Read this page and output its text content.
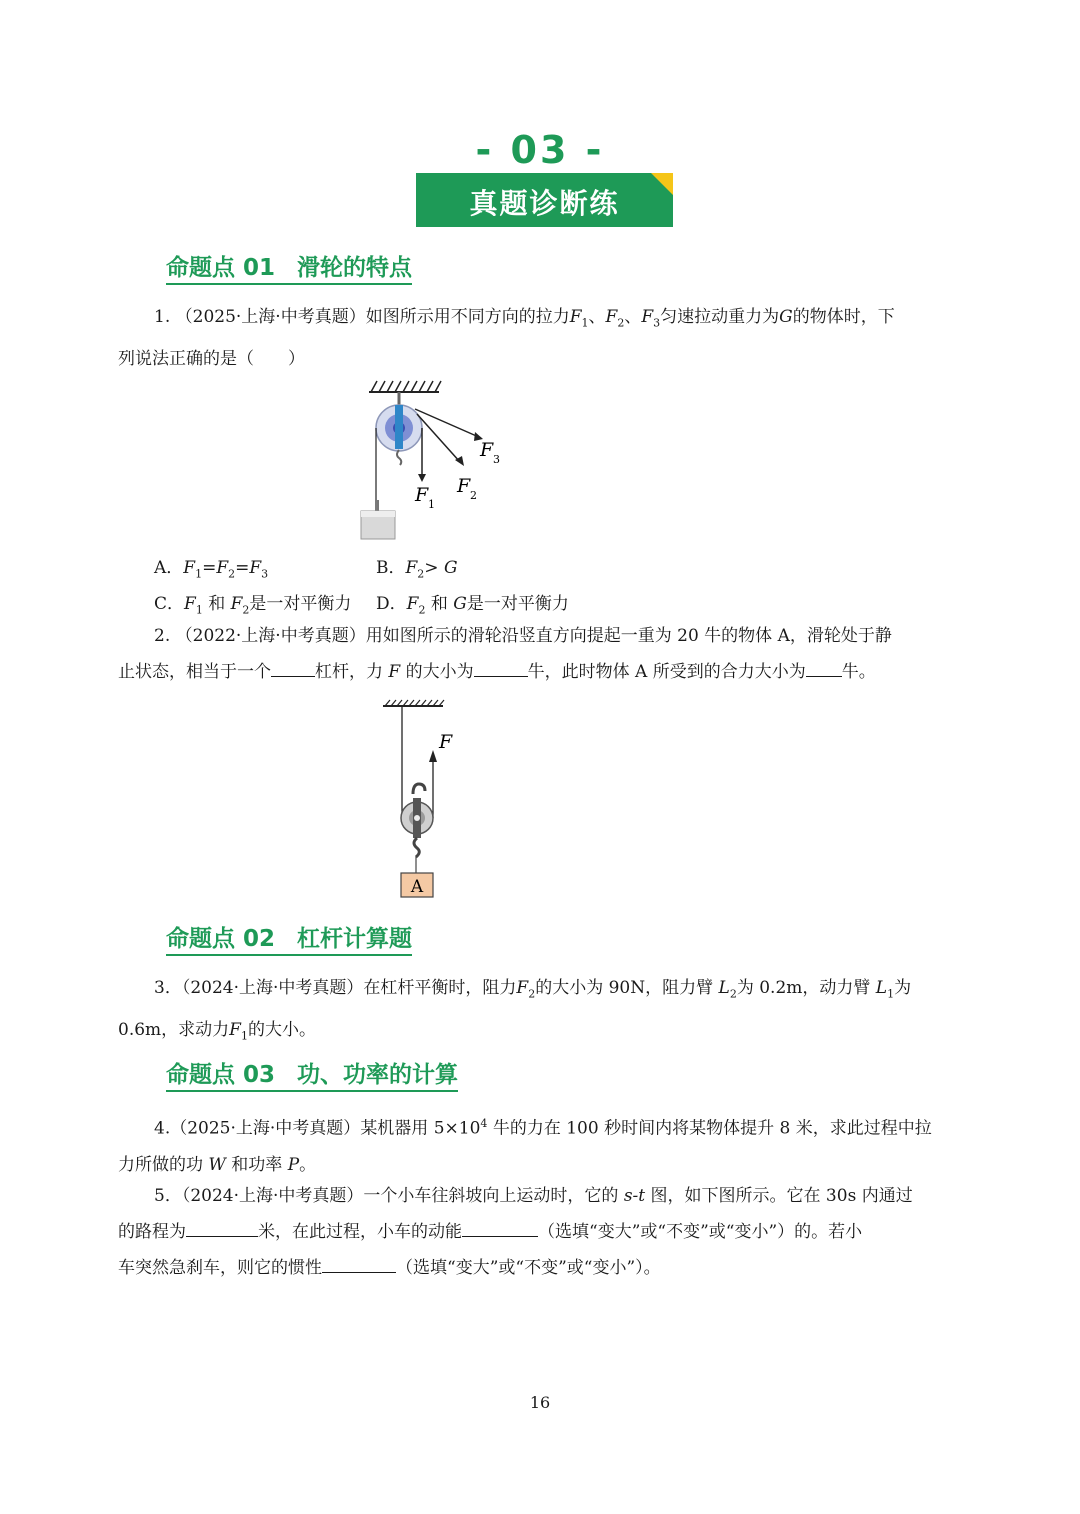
- 03 -
真题诊断练
命题点 01 滑轮的特点

1. （2025·上海·中考真题）如图所示用不同方向的拉力$F_1$、$F_2$、$F_3$匀速拉动重力为G的物体时，下

列说法正确的是（　　）

F 3
F 2
F 1
A．$F_1=F_2=F_3$	B．$F_2> G$
C．$F_1$ 和 $F_2$是一对平衡力 D．$F_2$ 和 G是一对平衡力

2. （2022·上海·中考真题）用如图所示的滑轮沿竖直方向提起一重为 20 牛的物体 A，滑轮处于静

止状态，相当于一个	杠杆，力 F 的大小为	牛，此时物体 A 所受到的合力大小为 牛。

F
A
命题点 02 杠杆计算题

3．（2024·上海·中考真题）在杠杆平衡时，阻力$F_2$的大小为 90N，阻力臂 $L_2$为 0.2m，动力臂 $L_1$为

0.6m，求动力$F_1$的大小。

命题点 03 功、功率的计算

4.（2025·上海·中考真题）某机器用 $5\times 10^4$ 牛的力在 100 秒时间内将某物体提升 8 米，求此过程中拉

力所做的功 W 和功率 P。

5．（2024·上海·中考真题）一个小车往斜坡向上运动时，它的 s-t 图，如下图所示。它在 30s 内通过

的路程为	米，在此过程，小车的动能	（选填“变大”或“不变”或“变小”）的。若小

车突然急刹车，则它的惯性	（选填“变大”或“不变”或“变小”）。

16
